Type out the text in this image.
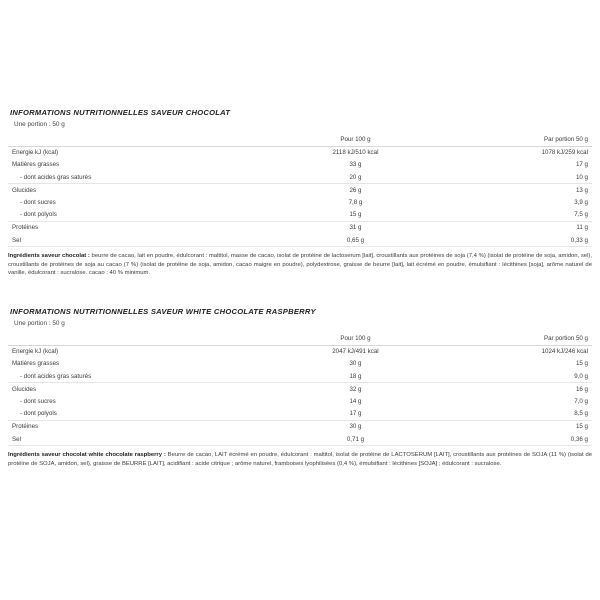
INFORMATIONS NUTRITIONNELLES SAVEUR CHOCOLAT
Une portion : 50 g
	Pour 100 g	Par portion 50 g
Energie kJ (kcal)	2118 kJ/510 kcal	1078 kJ/259 kcal
Matières grasses	33 g	17 g
- dont acides gras saturés	20 g	10 g
Glucides	26 g	13 g
- dont sucres	7,8 g	3,9 g
- dont polyols	15 g	7,5 g
Protéines	31 g	11 g
Sel	0,65 g	0,33 g

Ingrédients saveur chocolat : beurre de cacao, lait en poudre, édulcorant : maltitol, masse de cacao, isolat de protéine de lactoserum [lait], croustillants aux protéines de soja (7,4 %) (isolat de protéine de soja, amidon, sel), croustillants de protéines de soja au cacao (7 %) (isolat de protéine de soja, amidon, cacao maigre en poudre), polydextrose, graisse de beurre [lait], lait écrémé en poudre, émulsifiant : lécithines [soja], arôme naturel de vanille, édulcorant : sucralose. cacao : 40 % minimum.

INFORMATIONS NUTRITIONNELLES SAVEUR WHITE CHOCOLATE RASPBERRY
Une portion : 50 g
	Pour 100 g	Par portion 50 g
Energie kJ (kcal)	2047 kJ/491 kcal	1024 kJ/246 kcal
Matières grasses	30 g	15 g
- dont acides gras saturés	18 g	9,0 g
Glucides	32 g	16 g
- dont sucres	14 g	7,0 g
- dont polyols	17 g	8,5 g
Protéines	30 g	15 g
Sel	0,71 g	0,36 g

Ingrédients saveur chocolat white chocolate raspberry : Beurre de cacao, LAIT écrémé en poudre, édulcorant : maltitol, isolat de protéine de LACTOSERUM [LAIT], croustillants aux protéines de SOJA (11 %) (isolat de protéine de SOJA, amidon, sel), graisse de BEURRE [LAIT], acidifiant : acide citrique ; arôme naturel, framboises lyophilisées (0,4 %), émulsifiant : lécithines [SOJA] ; édulcorant : sucralose.
